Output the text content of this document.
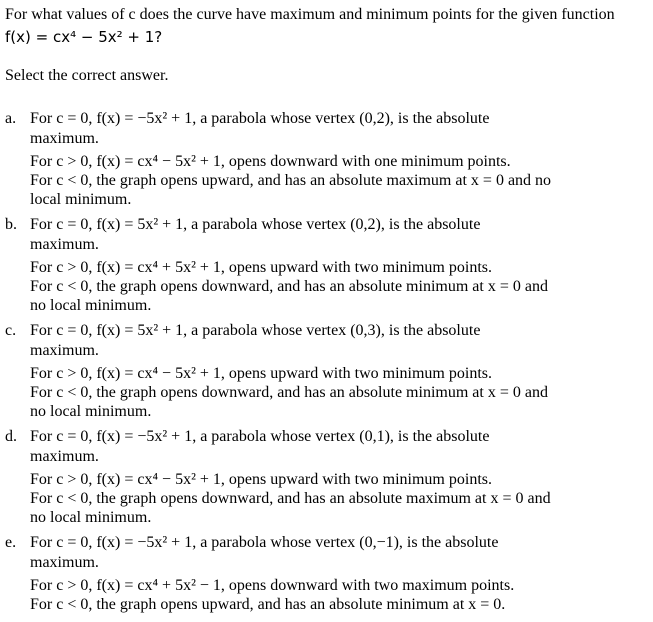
For what values of c does the curve have maximum and minimum points for the given function
f(x) = cx⁴ − 5x² + 1?
Select the correct answer.
a. For c = 0, f(x) = −5x² + 1, a parabola whose vertex (0,2), is the absolute
maximum.
For c > 0, f(x) = cx⁴ − 5x² + 1, opens downward with one minimum points.
For c < 0, the graph opens upward, and has an absolute maximum at x = 0 and no
local minimum.
b. For c = 0, f(x) = 5x² + 1, a parabola whose vertex (0,2), is the absolute
maximum.
For c > 0, f(x) = cx⁴ + 5x² + 1, opens upward with two minimum points.
For c < 0, the graph opens downward, and has an absolute minimum at x = 0 and
no local minimum.
c. For c = 0, f(x) = 5x² + 1, a parabola whose vertex (0,3), is the absolute
maximum.
For c > 0, f(x) = cx⁴ − 5x² + 1, opens upward with two minimum points.
For c < 0, the graph opens downward, and has an absolute minimum at x = 0 and
no local minimum.
d. For c = 0, f(x) = −5x² + 1, a parabola whose vertex (0,1), is the absolute
maximum.
For c > 0, f(x) = cx⁴ − 5x² + 1, opens upward with two minimum points.
For c < 0, the graph opens downward, and has an absolute maximum at x = 0 and
no local minimum.
e. For c = 0, f(x) = −5x² + 1, a parabola whose vertex (0,−1), is the absolute
maximum.
For c > 0, f(x) = cx⁴ + 5x² − 1, opens downward with two maximum points.
For c < 0, the graph opens upward, and has an absolute minimum at x = 0.
